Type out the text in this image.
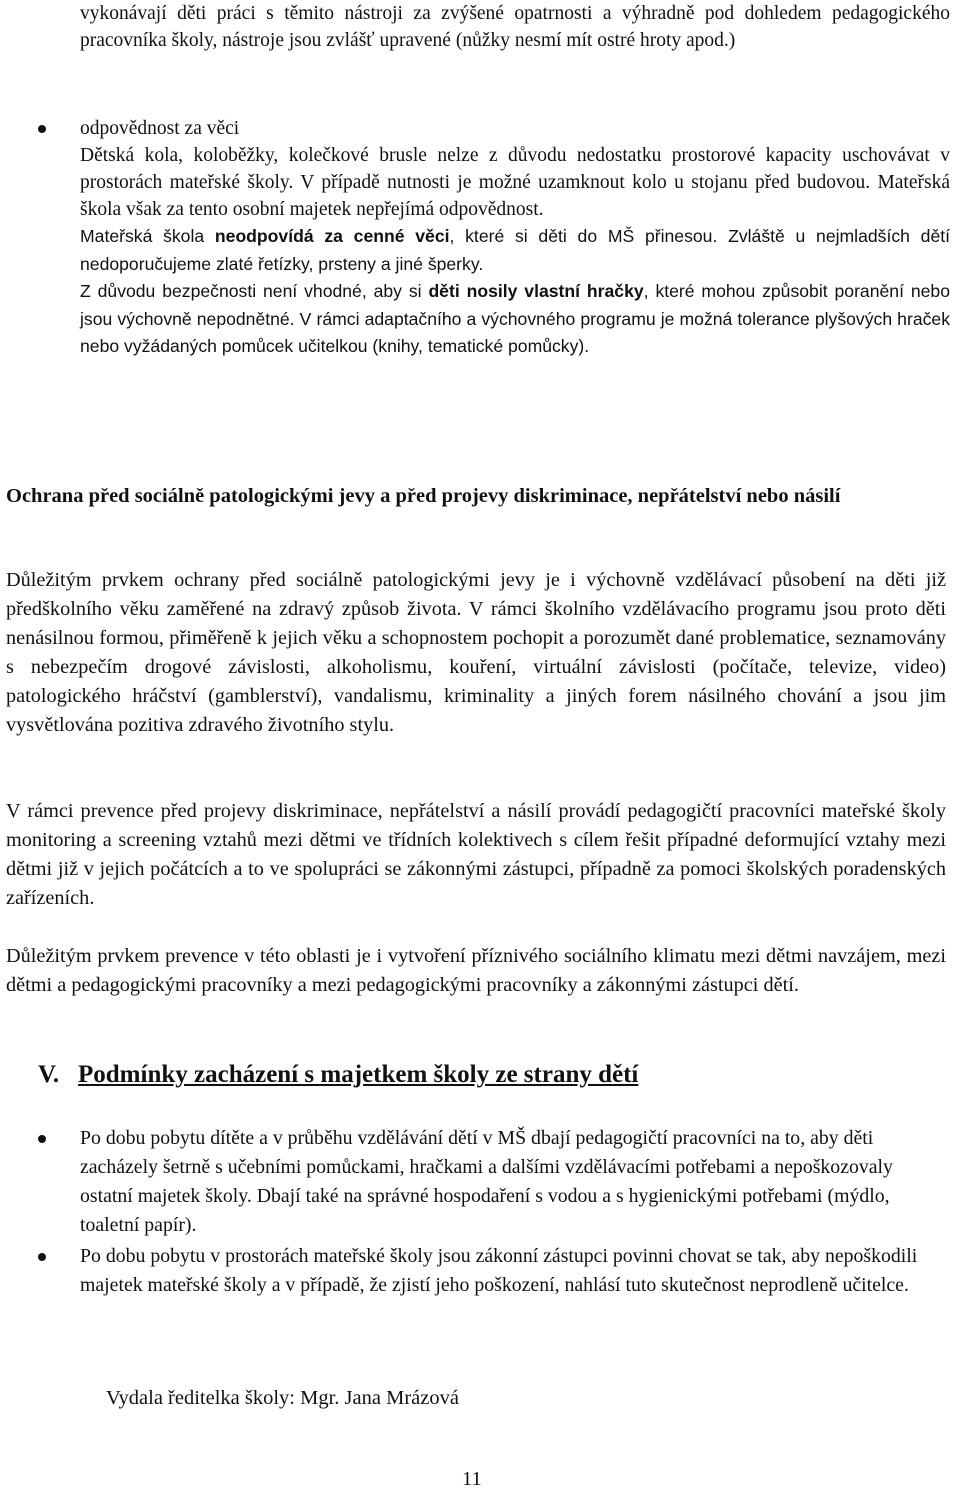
vykonávají děti práci s těmito nástroji za zvýšené opatrnosti a výhradně pod dohledem pedagogického pracovníka školy, nástroje jsou zvlášť upravené (nůžky nesmí mít ostré hroty apod.)

odpovědnost za věci

Dětská kola, koloběžky, kolečkové brusle nelze z důvodu nedostatku prostorové kapacity uschovávat v prostorách mateřské školy. V případě nutnosti je možné uzamknout kolo u stojanu před budovou. Mateřská škola však za tento osobní majetek nepřejímá odpovědnost.

Mateřská škola neodpovídá za cenné věci, které si děti do MŠ přinesou. Zvláště u nejmladších dětí nedoporučujeme zlaté řetízky, prsteny a jiné šperky.

Z důvodu bezpečnosti není vhodné, aby si děti nosily vlastní hračky, které mohou způsobit poranění nebo jsou výchovně nepodnětné. V rámci adaptačního a výchovného programu je možná tolerance plyšových hraček nebo vyžádaných pomůcek učitelkou (knihy, tematické pomůcky).

Ochrana před sociálně patologickými jevy a před projevy diskriminace, nepřátelství nebo násilí

Důležitým prvkem ochrany před sociálně patologickými jevy je i výchovně vzdělávací působení na děti již předškolního věku zaměřené na zdravý způsob života. V rámci školního vzdělávacího programu jsou proto děti nenásilnou formou, přiměřeně k jejich věku a schopnostem pochopit a porozumět dané problematice, seznamovány s nebezpečím drogové závislosti, alkoholismu, kouření, virtuální závislosti (počítače, televize, video) patologického hráčství (gamblerství), vandalismu, kriminality a jiných forem násilného chování a jsou jim vysvětlována pozitiva zdravého životního stylu.

V rámci prevence před projevy diskriminace, nepřátelství a násilí provádí pedagogičtí pracovníci mateřské školy monitoring a screening vztahů mezi dětmi ve třídních kolektivech s cílem řešit případné deformující vztahy mezi dětmi již v jejich počátcích a to ve spolupráci se zákonnými zástupci, případně za pomoci školských poradenských zařízeních.

Důležitým prvkem prevence v této oblasti je i vytvoření příznivého sociálního klimatu mezi dětmi navzájem, mezi dětmi a pedagogickými pracovníky a mezi pedagogickými pracovníky a zákonnými zástupci dětí.

V. Podmínky zacházení s majetkem školy ze strany dětí

Po dobu pobytu dítěte a v průběhu vzdělávání dětí v MŠ dbají pedagogičtí pracovníci na to, aby děti zacházely šetrně s učebními pomůckami, hračkami a dalšími vzdělávacími potřebami a nepoškozovaly ostatní majetek školy. Dbají také na správné hospodaření s vodou a s hygienickými potřebami (mýdlo, toaletní papír).
Po dobu pobytu v prostorách mateřské školy jsou zákonní zástupci povinni chovat se tak, aby nepoškodili majetek mateřské školy a v případě, že zjistí jeho poškození, nahlásí tuto skutečnost neprodleně učitelce.

Vydala ředitelka školy: Mgr. Jana Mrázová

11
